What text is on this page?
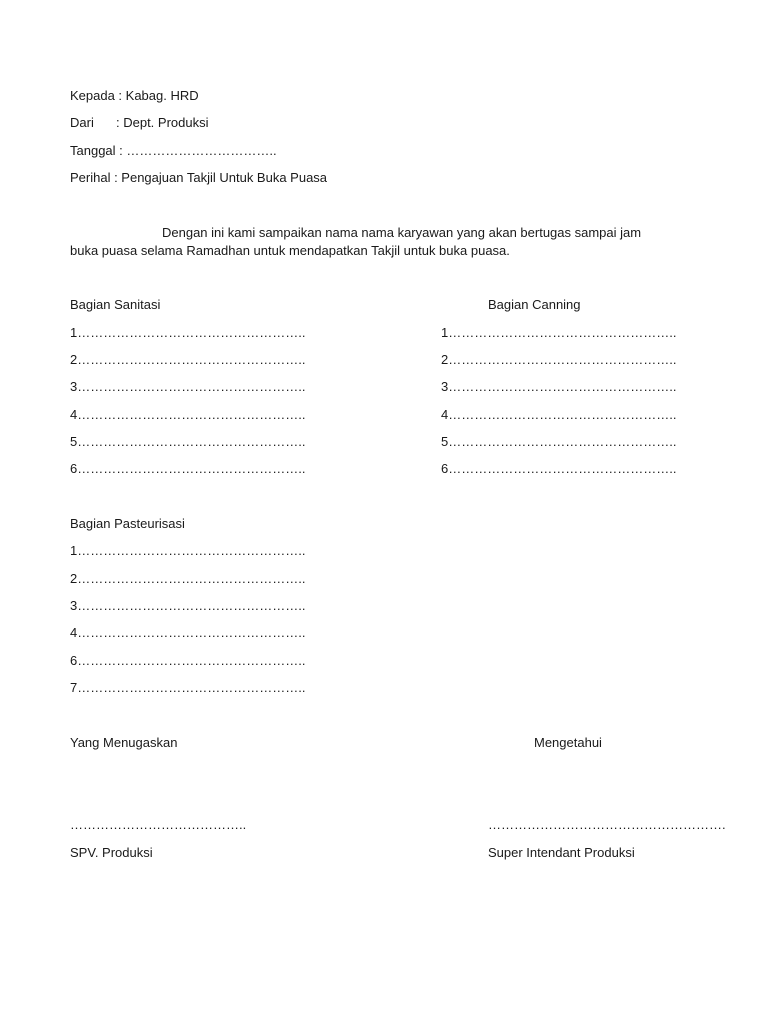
Kepada : Kabag. HRD
Dari : Dept. Produksi
Tanggal : ……………………………..
Perihal : Pengajuan Takjil Untuk Buka Puasa
Dengan ini kami sampaikan nama nama karyawan yang akan bertugas sampai jam buka puasa selama Ramadhan untuk mendapatkan Takjil untuk buka puasa.
Bagian Sanitasi
1……………………………………………..
2……………………………………………..
3……………………………………………..
4……………………………………………..
5……………………………………………..
6……………………………………………..
Bagian Canning
1……………………………………………..
2……………………………………………..
3……………………………………………..
4……………………………………………..
5……………………………………………..
6……………………………………………..
Bagian Pasteurisasi
1……………………………………………..
2……………………………………………..
3……………………………………………..
4……………………………………………..
6……………………………………………..
7……………………………………………..
Yang Menugaskan	Mengetahui
…………………………………..	……………………………………………….
SPV. Produksi	Super Intendant Produksi
